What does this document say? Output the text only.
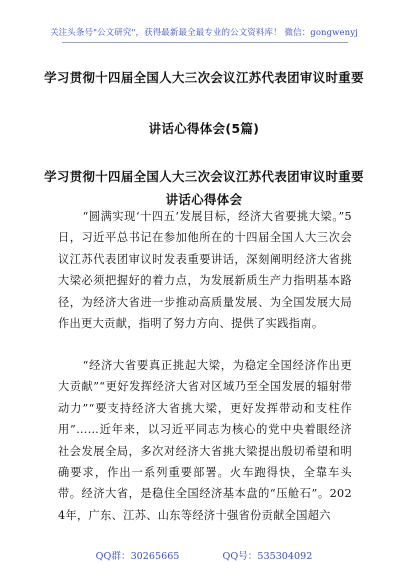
关注头条号"公文研究"，获得最新最全最专业的公文资料库！ 微信：gongwenyj
学习贯彻十四届全国人大三次会议江苏代表团审议时重要
讲话心得体会(5篇)
学习贯彻十四届全国人大三次会议江苏代表团审议时重要
讲话心得体会

“圆满实现‘十四五’发展目标，经济大省要挑大梁。”5日，习近平总书记在参加他所在的十四届全国人大三次会议江苏代表团审议时发表重要讲话，深刻阐明经济大省挑大梁必须把握好的着力点，为发展新质生产力指明基本路径，为经济大省进一步推动高质量发展、为全国发展大局作出更大贡献，指明了努力方向、提供了实践指南。

“经济大省要真正挑起大梁，为稳定全国经济作出更大贡献”“更好发挥经济大省对区域乃至全国发展的辐射带动力”“要支持经济大省挑大梁，更好发挥带动和支柱作用”……近年来，以习近平同志为核心的党中央着眼经济社会发展全局，多次对经济大省挑大梁提出殷切希望和明确要求，作出一系列重要部署。火车跑得快，全靠车头带。经济大省，是稳住全国经济基本盘的“压舱石”。2024年，广东、江苏、山东等经济十强省份贡献全国超六

QQ群：30265665	QQ号：535304092
